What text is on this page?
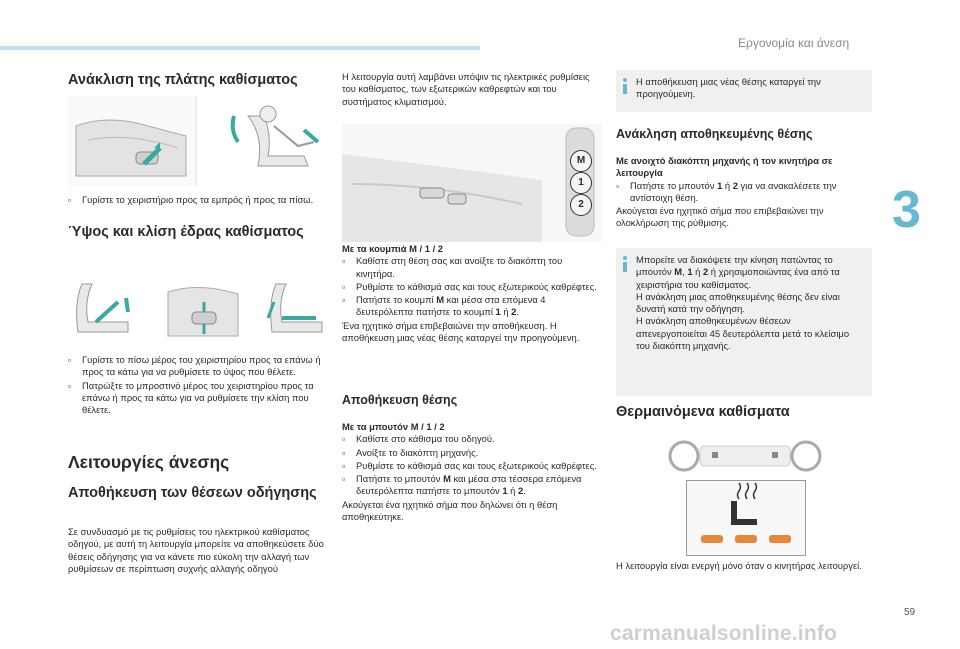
Εργονομία και άνεση
3
Ανάκλιση της πλάτης καθίσματος
▫ Γυρίστε το χειριστήριο προς τα εμπρός ή προς τα πίσω.
Ύψος και κλίση έδρας καθίσματος
▫ Γυρίστε το πίσω μέρος του χειριστηρίου προς τα επάνω ή προς τα κάτω για να ρυθμίσετε το ύψος που θέλετε.
▫ Πατρώξτε το μπροστινό μέρος του χειριστηρίου προς τα επάνω ή προς τα κάτω για να ρυθμίσετε την κλίση που θέλετε.
Λειτουργίες άνεσης
Αποθήκευση των θέσεων οδήγησης
Σε συνδυασμό με τις ρυθμίσεις του ηλεκτρικού καθίσματος οδηγού, με αυτή τη λειτουργία μπορείτε να αποθηκεύσετε δύο θέσεις οδήγησης για να κάνετε πιο εύκολη την αλλαγή των ρυθμίσεων σε περίπτωση συχνής αλλαγής οδηγού
Η λειτουργία αυτή λαμβάνει υπόψιν τις ηλεκτρικές ρυθμίσεις του καθίσματος, των εξωτερικών καθρεφτών και του συστήματος κλιματισμού.
M
1
2
Με τα κουμπιά M / 1 / 2
▫ Καθίστε στη θέση σας και ανοίξτε το διακόπτη του κινητήρα.
▫ Ρυθμίστε το κάθισμά σας και τους εξωτερικούς καθρέφτες.
▫ Πατήστε το κουμπί M και μέσα στα επόμενα 4 δευτερόλεπτα πατήστε το κουμπί 1 ή 2.
Ένα ηχητικό σήμα επιβεβαιώνει την αποθήκευση. Η αποθήκευση μιας νέας θέσης καταργεί την προηγούμενη.
Αποθήκευση θέσης
Με τα μπουτόν M / 1 / 2
▫ Καθίστε στο κάθισμα του οδηγού.
▫ Ανοίξτε το διακόπτη μηχανής.
▫ Ρυθμίστε το κάθισμά σας και τους εξωτερικούς καθρέφτες.
▫ Πατήστε το μπουτόν M και μέσα στα τέσσερα επόμενα δευτερόλεπτα πατήστε το μπουτόν 1 ή 2.
Ακούγεται ένα ηχητικό σήμα που δηλώνει ότι η θέση αποθηκεύτηκε.
Η αποθήκευση μιας νέας θέσης καταργεί την προηγούμενη.
Ανάκληση αποθηκευμένης θέσης
Με ανοιχτό διακόπτη μηχανής ή τον κινητήρα σε λειτουργία
▫ Πατήστε το μπουτόν 1 ή 2 για να ανακαλέσετε την αντίστοιχη θέση.
Ακούγεται ένα ηχητικό σήμα που επιβεβαιώνει την ολοκλήρωση της ρύθμισης.
Μπορείτε να διακόψετε την κίνηση πατώντας το μπουτόν M, 1 ή 2 ή χρησιμοποιώντας ένα από τα χειριστήρια του καθίσματος.
Η ανάκληση μιας αποθηκευμένης θέσης δεν είναι δυνατή κατά την οδήγηση.
Η ανάκληση αποθηκευμένων θέσεων απενεργοποιείται 45 δευτερόλεπτα μετά το κλείσιμο του διακόπτη μηχανής.
Θερμαινόμενα καθίσματα
Η λειτουργία είναι ενεργή μόνο όταν ο κινητήρας λειτουργεί.
59
carmanualsonline.info
